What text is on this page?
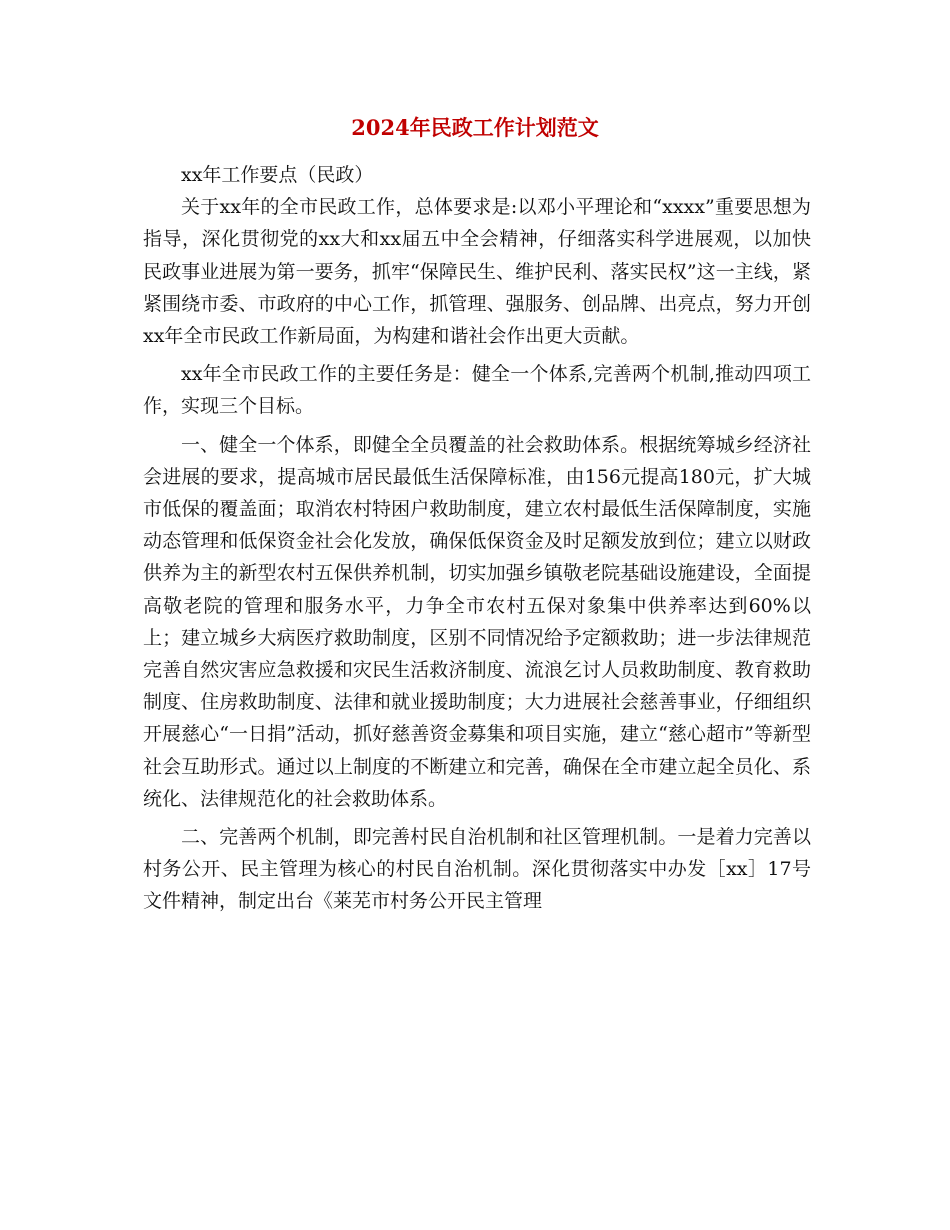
2024年民政工作计划范文

xx年工作要点（民政）

关于xx年的全市民政工作，总体要求是:以邓小平理论和“xxxx”重要思想为指导，深化贯彻党的xx大和xx届五中全会精神，仔细落实科学进展观，以加快民政事业进展为第一要务，抓牢“保障民生、维护民利、落实民权”这一主线，紧紧围绕市委、市政府的中心工作，抓管理、强服务、创品牌、出亮点，努力开创xx年全市民政工作新局面，为构建和谐社会作出更大贡献。

xx年全市民政工作的主要任务是：健全一个体系,完善两个机制,推动四项工作，实现三个目标。

一、健全一个体系，即健全全员覆盖的社会救助体系。根据统筹城乡经济社会进展的要求，提高城市居民最低生活保障标准，由156元提高180元，扩大城市低保的覆盖面；取消农村特困户救助制度，建立农村最低生活保障制度，实施动态管理和低保资金社会化发放，确保低保资金及时足额发放到位；建立以财政供养为主的新型农村五保供养机制，切实加强乡镇敬老院基础设施建设，全面提高敬老院的管理和服务水平，力争全市农村五保对象集中供养率达到60%以上；建立城乡大病医疗救助制度，区别不同情况给予定额救助；进一步法律规范完善自然灾害应急救援和灾民生活救济制度、流浪乞讨人员救助制度、教育救助制度、住房救助制度、法律和就业援助制度；大力进展社会慈善事业，仔细组织开展慈心“一日捐”活动，抓好慈善资金募集和项目实施，建立“慈心超市”等新型社会互助形式。通过以上制度的不断建立和完善，确保在全市建立起全员化、系统化、法律规范化的社会救助体系。

二、完善两个机制，即完善村民自治机制和社区管理机制。一是着力完善以村务公开、民主管理为核心的村民自治机制。深化贯彻落实中办发［xx］17号文件精神，制定出台《莱芜市村务公开民主管理
